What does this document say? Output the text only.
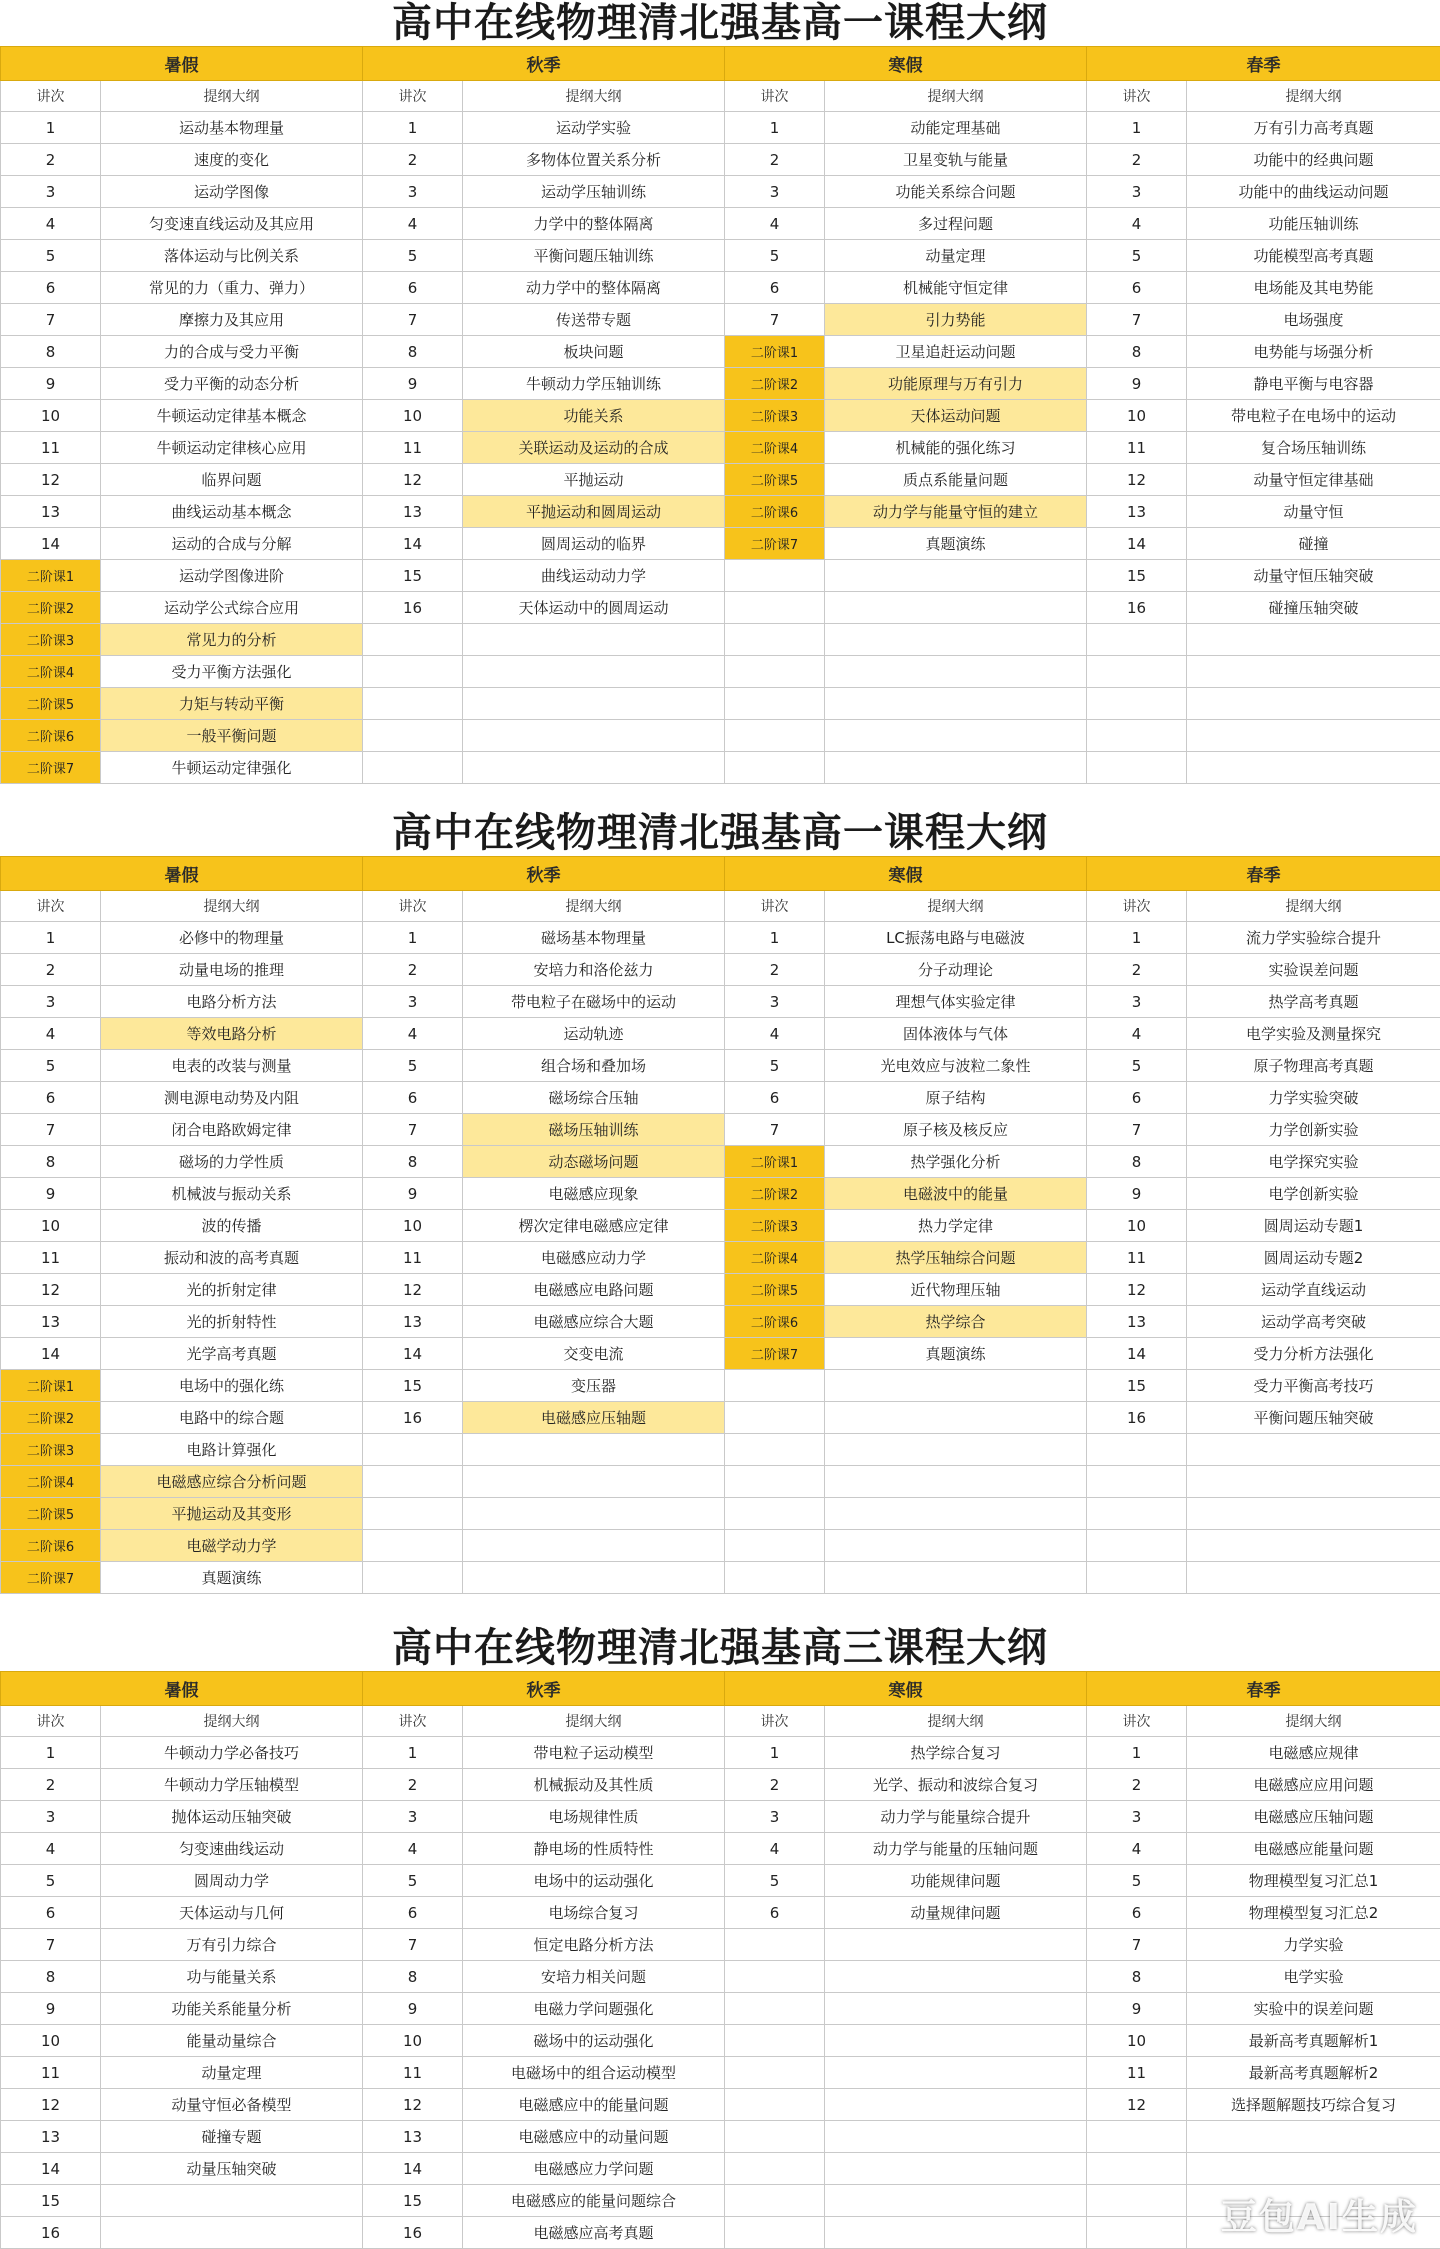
高中在线物理清北强基高一课程大纲
暑假		秋季		寒假		春季	
讲次	提纲大纲	讲次	提纲大纲	讲次	提纲大纲	讲次	提纲大纲
1	运动基本物理量	1	运动学实验	1	动能定理基础	1	万有引力高考真题
2	速度的变化	2	多物体位置关系分析	2	卫星变轨与能量	2	功能中的经典问题
3	运动学图像	3	运动学压轴训练	3	功能关系综合问题	3	功能中的曲线运动问题
4	匀变速直线运动及其应用	4	力学中的整体隔离	4	多过程问题	4	功能压轴训练
5	落体运动与比例关系	5	平衡问题压轴训练	5	动量定理	5	功能模型高考真题
6	常见的力（重力、弹力）	6	动力学中的整体隔离	6	机械能守恒定律	6	电场能及其电势能
7	摩擦力及其应用	7	传送带专题	7	引力势能	7	电场强度
8	力的合成与受力平衡	8	板块问题	二阶课1	卫星追赶运动问题	8	电势能与场强分析
9	受力平衡的动态分析	9	牛顿动力学压轴训练	二阶课2	功能原理与万有引力	9	静电平衡与电容器
10	牛顿运动定律基本概念	10	功能关系	二阶课3	天体运动问题	10	带电粒子在电场中的运动
11	牛顿运动定律核心应用	11	关联运动及运动的合成	二阶课4	机械能的强化练习	11	复合场压轴训练
12	临界问题	12	平抛运动	二阶课5	质点系能量问题	12	动量守恒定律基础
13	曲线运动基本概念	13	平抛运动和圆周运动	二阶课6	动力学与能量守恒的建立	13	动量守恒
14	运动的合成与分解	14	圆周运动的临界	二阶课7	真题演练	14	碰撞
二阶课1	运动学图像进阶	15	曲线运动动力学			15	动量守恒压轴突破
二阶课2	运动学公式综合应用	16	天体运动中的圆周运动			16	碰撞压轴突破
二阶课3	常见力的分析						
二阶课4	受力平衡方法强化						
二阶课5	力矩与转动平衡						
二阶课6	一般平衡问题						
二阶课7	牛顿运动定律强化						
高中在线物理清北强基高一课程大纲
暑假		秋季		寒假		春季	
讲次	提纲大纲	讲次	提纲大纲	讲次	提纲大纲	讲次	提纲大纲
1	必修中的物理量	1	磁场基本物理量	1	LC振荡电路与电磁波	1	流力学实验综合提升
2	动量电场的推理	2	安培力和洛伦兹力	2	分子动理论	2	实验误差问题
3	电路分析方法	3	带电粒子在磁场中的运动	3	理想气体实验定律	3	热学高考真题
4	等效电路分析	4	运动轨迹	4	固体液体与气体	4	电学实验及测量探究
5	电表的改装与测量	5	组合场和叠加场	5	光电效应与波粒二象性	5	原子物理高考真题
6	测电源电动势及内阻	6	磁场综合压轴	6	原子结构	6	力学实验突破
7	闭合电路欧姆定律	7	磁场压轴训练	7	原子核及核反应	7	力学创新实验
8	磁场的力学性质	8	动态磁场问题	二阶课1	热学强化分析	8	电学探究实验
9	机械波与振动关系	9	电磁感应现象	二阶课2	电磁波中的能量	9	电学创新实验
10	波的传播	10	楞次定律电磁感应定律	二阶课3	热力学定律	10	圆周运动专题1
11	振动和波的高考真题	11	电磁感应动力学	二阶课4	热学压轴综合问题	11	圆周运动专题2
12	光的折射定律	12	电磁感应电路问题	二阶课5	近代物理压轴	12	运动学直线运动
13	光的折射特性	13	电磁感应综合大题	二阶课6	热学综合	13	运动学高考突破
14	光学高考真题	14	交变电流	二阶课7	真题演练	14	受力分析方法强化
二阶课1	电场中的强化练	15	变压器			15	受力平衡高考技巧
二阶课2	电路中的综合题	16	电磁感应压轴题			16	平衡问题压轴突破
二阶课3	电路计算强化						
二阶课4	电磁感应综合分析问题						
二阶课5	平抛运动及其变形						
二阶课6	电磁学动力学						
二阶课7	真题演练						
高中在线物理清北强基高三课程大纲
暑假		秋季		寒假		春季	
讲次	提纲大纲	讲次	提纲大纲	讲次	提纲大纲	讲次	提纲大纲
1	牛顿动力学必备技巧	1	带电粒子运动模型	1	热学综合复习	1	电磁感应规律
2	牛顿动力学压轴模型	2	机械振动及其性质	2	光学、振动和波综合复习	2	电磁感应应用问题
3	抛体运动压轴突破	3	电场规律性质	3	动力学与能量综合提升	3	电磁感应压轴问题
4	匀变速曲线运动	4	静电场的性质特性	4	动力学与能量的压轴问题	4	电磁感应能量问题
5	圆周动力学	5	电场中的运动强化	5	功能规律问题	5	物理模型复习汇总1
6	天体运动与几何	6	电场综合复习	6	动量规律问题	6	物理模型复习汇总2
7	万有引力综合	7	恒定电路分析方法			7	力学实验
8	功与能量关系	8	安培力相关问题			8	电学实验
9	功能关系能量分析	9	电磁力学问题强化			9	实验中的误差问题
10	能量动量综合	10	磁场中的运动强化			10	最新高考真题解析1
11	动量定理	11	电磁场中的组合运动模型			11	最新高考真题解析2
12	动量守恒必备模型	12	电磁感应中的能量问题			12	选择题解题技巧综合复习
13	碰撞专题	13	电磁感应中的动量问题				
14	动量压轴突破	14	电磁感应力学问题				
15		15	电磁感应的能量问题综合				
16		16	电磁感应高考真题					豆包AI生成
